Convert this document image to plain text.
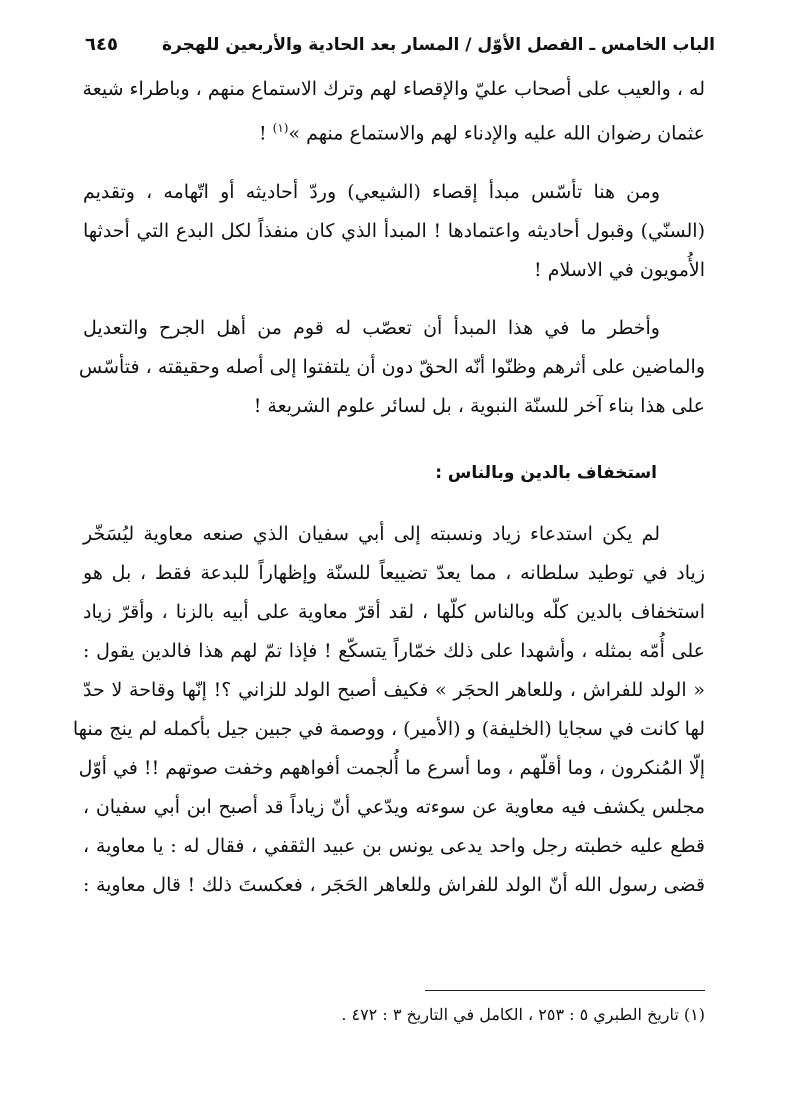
الباب الخامس ـ الفصل الأوّل / المسار بعد الحادية والأربعين للهجرة
٦٤٥

له ، والعيب على أصحاب عليّ والإقصاء لهم وترك الاستماع منهم ، وباطراء شيعة
عثمان رضوان الله عليه والإدناء لهم والاستماع منهم »$^{(١)}$ !

ومن هنا تأسّس مبدأ إقصاء (الشيعي) وردّ أحاديثه أو اتّهامه ، وتقديم
(السنّي) وقبول أحاديثه واعتمادها ! المبدأ الذي كان منفذاً لكل البدع التي أحدثها
الأُمويون في الاسلام !

وأخطر ما في هذا المبدأ أن تعصّب له قوم من أهل الجرح والتعديل
والماضين على أثرهم وظنّوا أنّه الحقّ دون أن يلتفتوا إلى أصله وحقيقته ، فتأسّس
على هذا بناء آخر للسنّة النبوية ، بل لسائر علوم الشريعة !

استخفاف بالدين وبالناس :

لم يكن استدعاء زياد ونسبته إلى أبي سفيان الذي صنعه معاوية ليُسَخّر
زياد في توطيد سلطانه ، مما يعدّ تضييعاً للسنّة وإظهاراً للبدعة فقط ، بل هو
استخفاف بالدين كلّه وبالناس كلّها ، لقد أقرّ معاوية على أبيه بالزنا ، وأقرّ زياد
على أُمّه بمثله ، وأشهدا على ذلك خمّاراً يتسكّع ! فإذا تمّ لهم هذا فالدين يقول :
« الولد للفراش ، وللعاهر الحجَر » فكيف أصبح الولد للزاني ؟! إنّها وقاحة لا حدّ
لها كانت في سجايا (الخليفة) و (الأمير) ، ووصمة في جبين جيل بأكمله لم ينج منها
إلّا المُنكرون ، وما أقلّهم ، وما أسرع ما أُلجمت أفواههم وخفت صوتهم !! في أوّل
مجلس يكشف فيه معاوية عن سوءته ويدّعي أنّ زياداً قد أصبح ابن أبي سفيان ،
قطع عليه خطبته رجل واحد يدعى يونس بن عبيد الثقفي ، فقال له : يا معاوية ،
قضى رسول الله أنّ الولد للفراش وللعاهر الحَجَر ، فعكستَ ذلك ! قال معاوية :

(١) تاريخ الطبري ٥ : ٢٥٣ ، الكامل في التاريخ ٣ : ٤٧٢ .
